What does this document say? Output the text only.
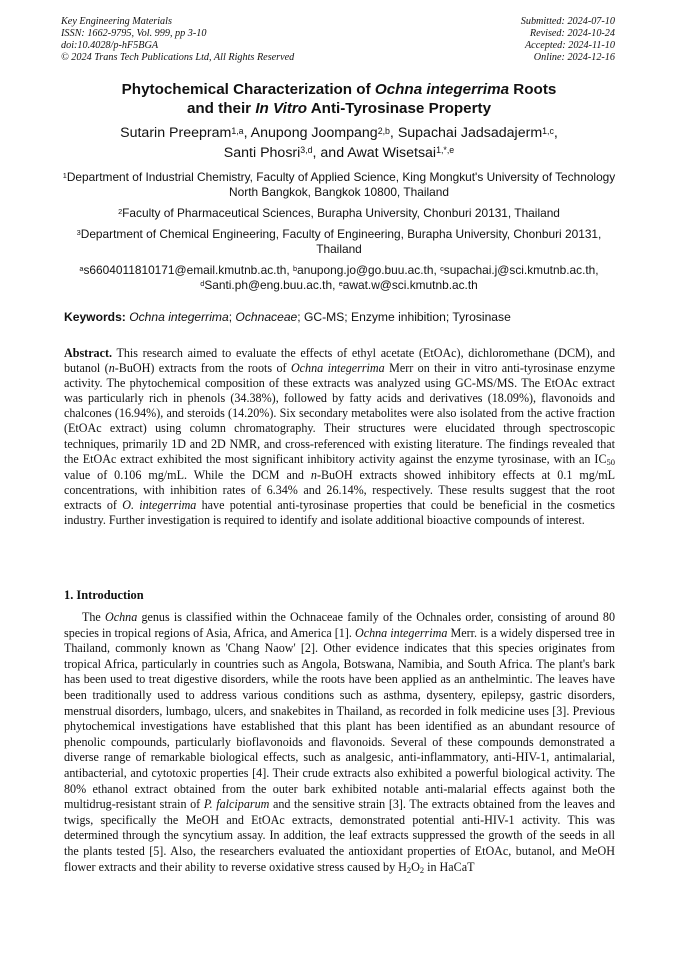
Key Engineering Materials
ISSN: 1662-9795, Vol. 999, pp 3-10
doi:10.4028/p-hF5BGA
© 2024 Trans Tech Publications Ltd, All Rights Reserved
Submitted: 2024-07-10
Revised: 2024-10-24
Accepted: 2024-11-10
Online: 2024-12-16
Phytochemical Characterization of Ochna integerrima Roots
and their In Vitro Anti-Tyrosinase Property
Sutarin Preepram$^{1,a}$, Anupong Joompang$^{2,b}$, Supachai Jadsadajerm$^{1,c}$,
Santi Phosri$^{3,d}$, and Awat Wisetsai$^{1,*,e}$

$^1$Department of Industrial Chemistry, Faculty of Applied Science, King Mongkut's University of Technology North Bangkok, Bangkok 10800, Thailand

$^2$Faculty of Pharmaceutical Sciences, Burapha University, Chonburi 20131, Thailand

$^3$Department of Chemical Engineering, Faculty of Engineering, Burapha University, Chonburi 20131, Thailand

$^a$s6604011810171@email.kmutnb.ac.th, $^b$anupong.jo@go.buu.ac.th, $^c$supachai.j@sci.kmutnb.ac.th,
$^d$Santi.ph@eng.buu.ac.th, $^e$awat.w@sci.kmutnb.ac.th

Keywords: Ochna integerrima; Ochnaceae; GC-MS; Enzyme inhibition; Tyrosinase

Abstract. This research aimed to evaluate the effects of ethyl acetate (EtOAc), dichloromethane (DCM), and butanol (n-BuOH) extracts from the roots of Ochna integerrima Merr on their in vitro anti-tyrosinase enzyme activity. The phytochemical composition of these extracts was analyzed using GC-MS/MS. The EtOAc extract was particularly rich in phenols (34.38%), followed by fatty acids and derivatives (18.09%), flavonoids and chalcones (16.94%), and steroids (14.20%). Six secondary metabolites were also isolated from the active fraction (EtOAc extract) using column chromatography. Their structures were elucidated through spectroscopic techniques, primarily 1D and 2D NMR, and cross-referenced with existing literature. The findings revealed that the EtOAc extract exhibited the most significant inhibitory activity against the enzyme tyrosinase, with an $IC_{50}$ value of 0.106 mg/mL. While the DCM and n-BuOH extracts showed inhibitory effects at 0.1 mg/mL concentrations, with inhibition rates of 6.34% and 26.14%, respectively. These results suggest that the root extracts of O. integerrima have potential anti-tyrosinase properties that could be beneficial in the cosmetics industry. Further investigation is required to identify and isolate additional bioactive compounds of interest.

1. Introduction

The Ochna genus is classified within the Ochnaceae family of the Ochnales order, consisting of around 80 species in tropical regions of Asia, Africa, and America [1]. Ochna integerrima Merr. is a widely dispersed tree in Thailand, commonly known as 'Chang Naow' [2]. Other evidence indicates that this species originates from tropical Africa, particularly in countries such as Angola, Botswana, Namibia, and South Africa. The plant's bark has been used to treat digestive disorders, while the roots have been applied as an anthelmintic. The leaves have been traditionally used to address various conditions such as asthma, dysentery, epilepsy, gastric disorders, menstrual disorders, lumbago, ulcers, and snakebites in Thailand, as recorded in folk medicine uses [3]. Previous phytochemical investigations have established that this plant has been identified as an abundant resource of phenolic compounds, particularly bioflavonoids and flavonoids. Several of these compounds demonstrated a diverse range of remarkable biological effects, such as analgesic, anti-inflammatory, anti-HIV-1, antimalarial, antibacterial, and cytotoxic properties [4]. Their crude extracts also exhibited a powerful biological activity. The 80% ethanol extract obtained from the outer bark exhibited notable anti-malarial effects against both the multidrug-resistant strain of P. falciparum and the sensitive strain [3]. The extracts obtained from the leaves and twigs, specifically the MeOH and EtOAc extracts, demonstrated potential anti-HIV-1 activity. This was determined through the syncytium assay. In addition, the leaf extracts suppressed the growth of the seeds in all the plants tested [5]. Also, the researchers evaluated the antioxidant properties of EtOAc, butanol, and MeOH flower extracts and their ability to reverse oxidative stress caused by $H_2O_2$ in HaCaT
